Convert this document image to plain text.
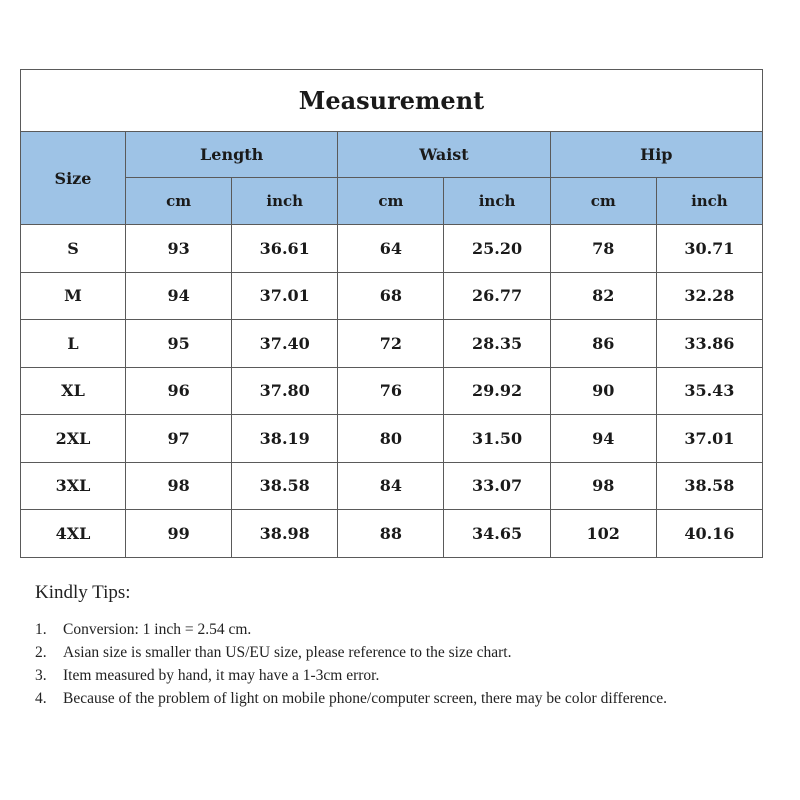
Measurement						
Size	Length		Waist		Hip	
	cm	inch	cm	inch	cm	inch
S	93	36.61	64	25.20	78	30.71
M	94	37.01	68	26.77	82	32.28
L	95	37.40	72	28.35	86	33.86
XL	96	37.80	76	29.92	90	35.43
2XL	97	38.19	80	31.50	94	37.01
3XL	98	38.58	84	33.07	98	38.58
4XL	99	38.98	88	34.65	102	40.16

Kindly Tips:

1.	Conversion: 1 inch = 2.54 cm.
2.	Asian size is smaller than US/EU size, please reference to the size chart.
3.	Item measured by hand, it may have a 1-3cm error.
4.	Because of the problem of light on mobile phone/computer screen, there may be color difference.
